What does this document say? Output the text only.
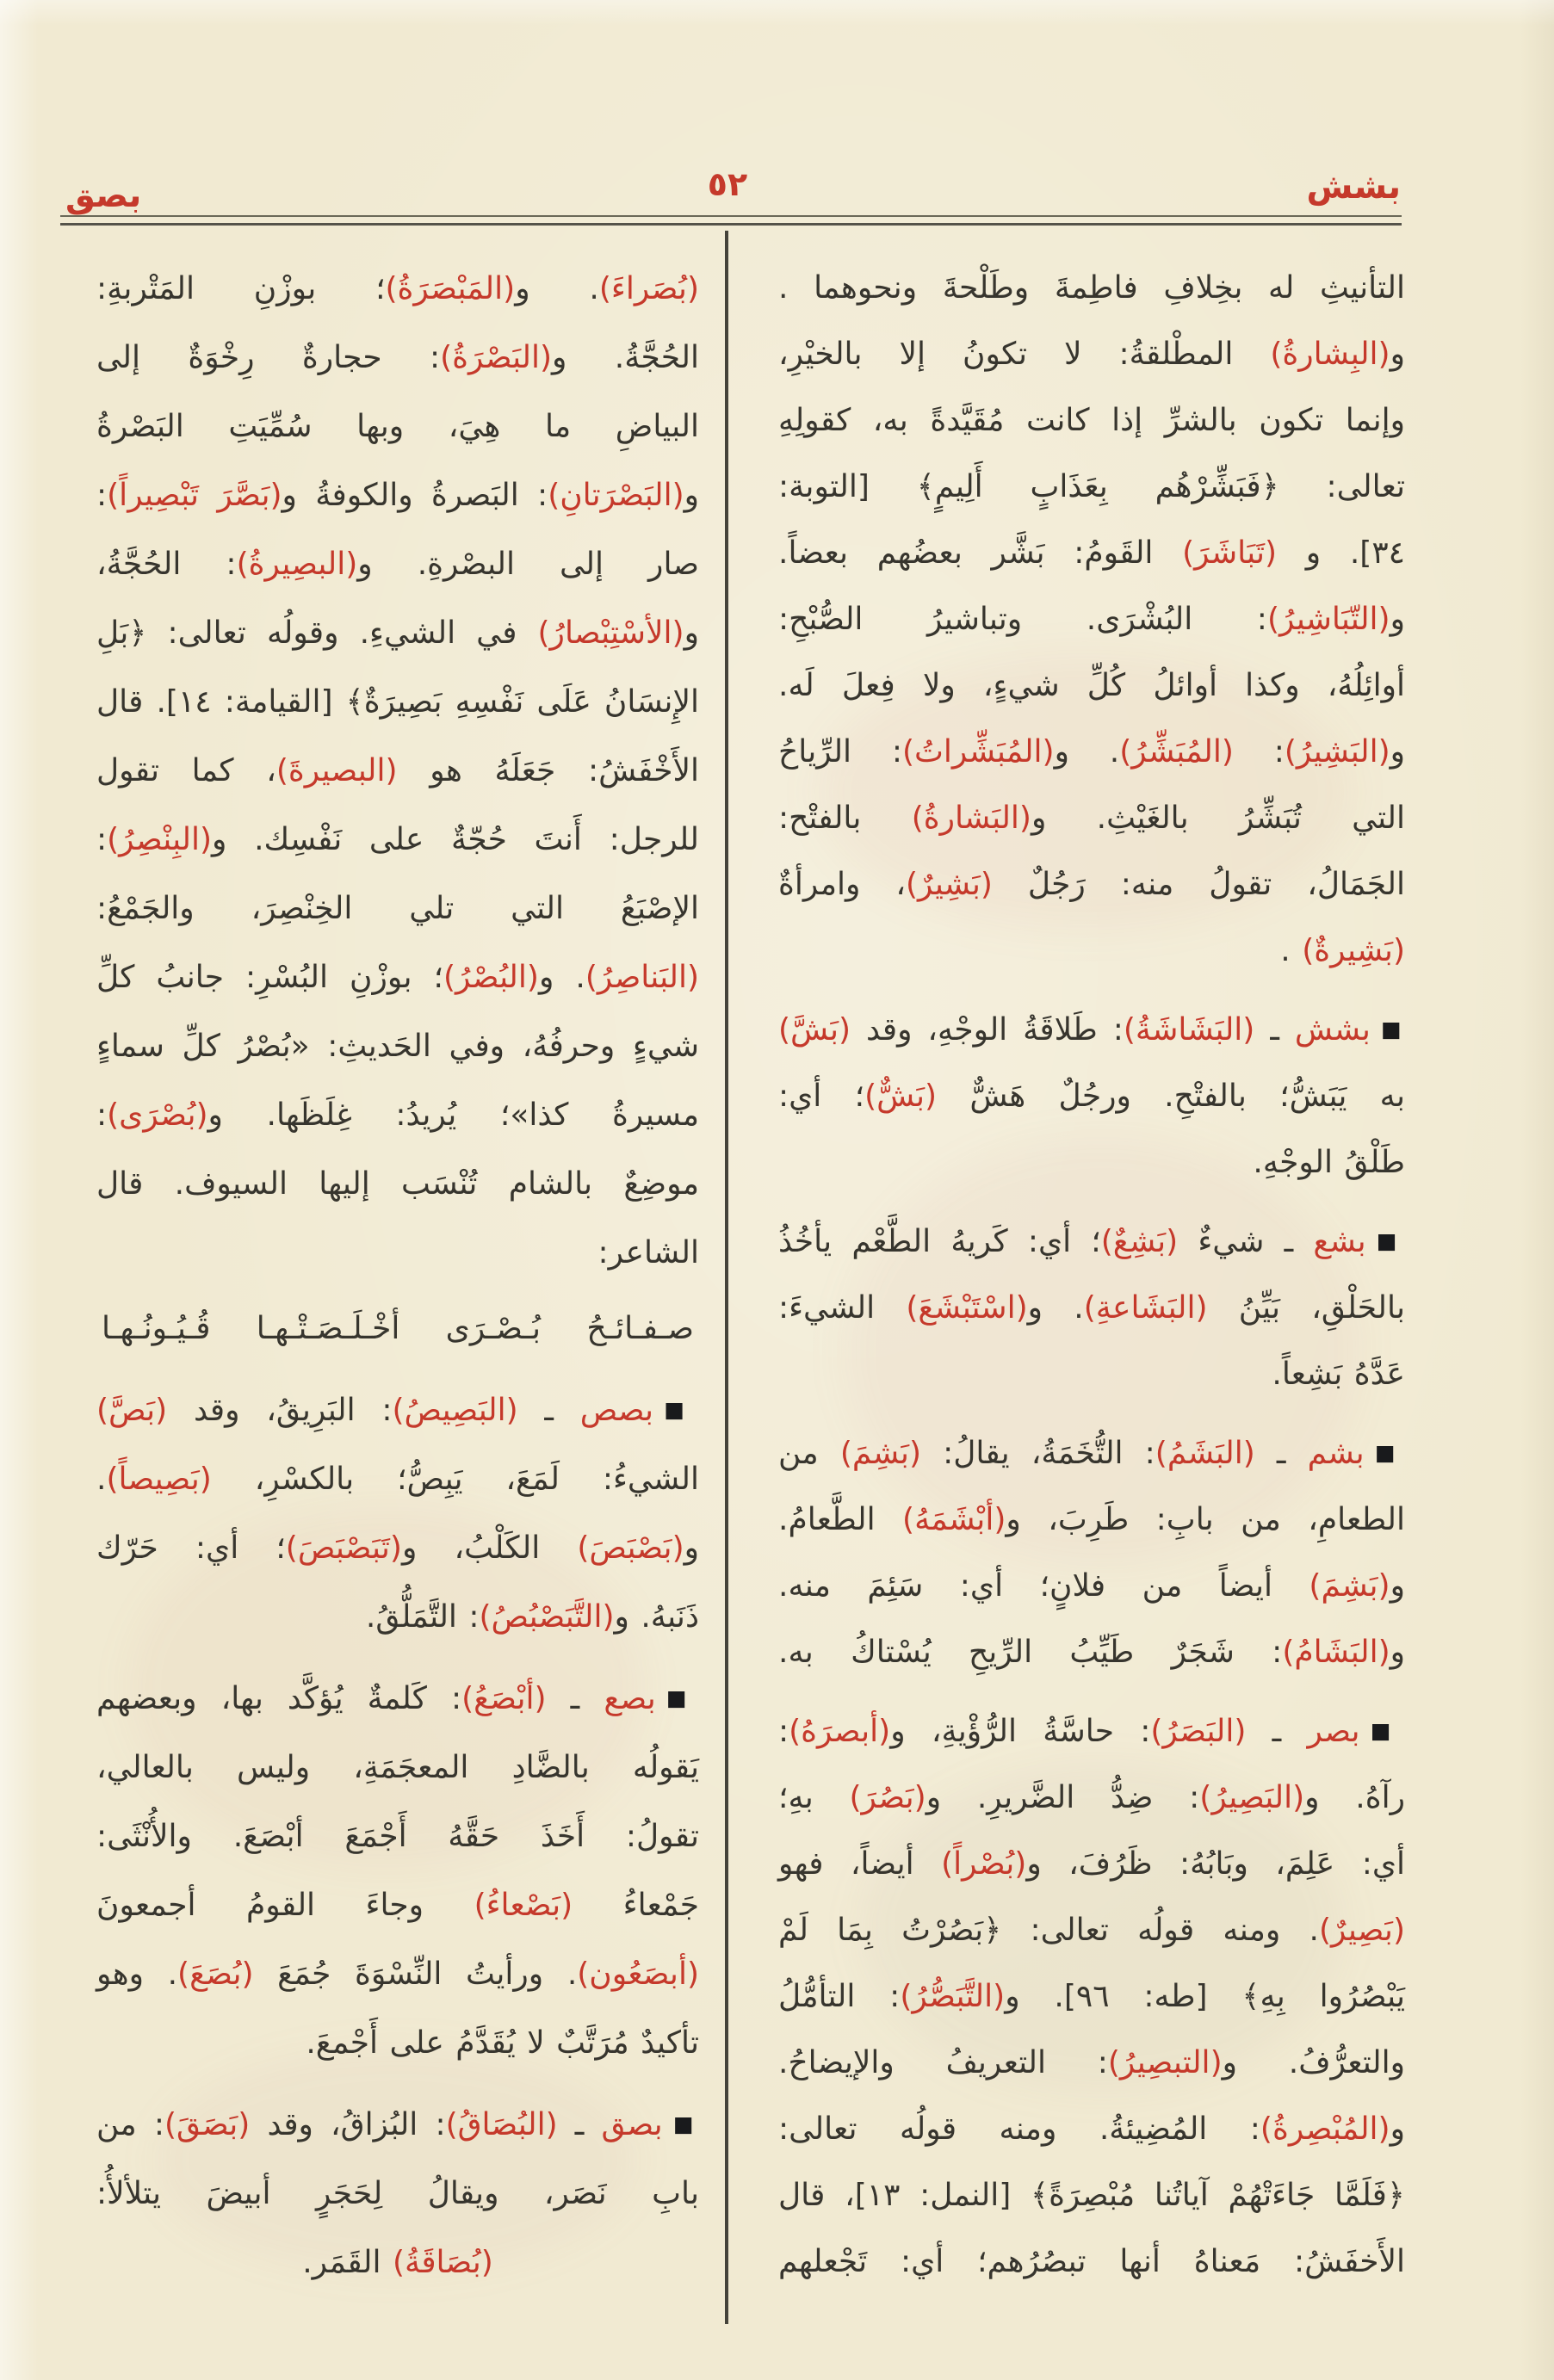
بشش
٥٢
بصق
التأنيثِ له بخِلافِ فاطِمةَ وطَلْحةَ ونحوهما .
و(البِشارةُ) المطْلقةُ: لا تكونُ إلا بالخيْرِ،
وإنما تكون بالشرِّ إذا كانت مُقَيَّدةً به، كقولِهِ
تعالى: ﴿فَبَشِّرْهُم بِعَذَابٍ أَلِيمٍ﴾ [التوبة:
٣٤]. و (تَبَاشَرَ) القَومُ: بَشَّر بعضُهم بعضاً.
و(التّبَاشِيرُ): البُشْرَى. وتباشيرُ الصُّبْحِ:
أوائِلُهُ، وكذا أوائلُ كُلِّ شيءٍ، ولا فِعلَ لَه.
و(البَشِيرُ): (المُبَشِّرُ). و(المُبَشِّراتُ): الرِّياحُ
التي تُبَشِّرُ بالغَيْثِ. و(البَشارةُ) بالفتْح:
الجَمَالُ، تقولُ منه: رَجُلٌ (بَشِيرٌ)، وامرأةٌ
(بَشِيرةٌ) .
■بشش ـ (البَشَاشَةُ): طَلاقَةُ الوجْهِ، وقد (بَشَّ)
به يَبَشُّ؛ بالفتْحِ. ورجُلٌ هَشٌّ (بَشٌّ)؛ أي:
طَلْقُ الوجْهِ.
■بشع ـ شيءٌ (بَشِعٌ)؛ أي: كَريهُ الطَّعْم يأخُذُ
بالحَلْقِ، بَيِّنُ (البَشَاعةِ). و(اسْتَبْشَعَ) الشيءَ:
عَدَّهُ بَشِعاً.
■بشم ـ (البَشَمُ): التُّخَمَةُ، يقالُ: (بَشِمَ) من
الطعامِ، من بابِ: طَرِبَ، و(أبْشَمَهُ) الطَّعامُ.
و(بَشِمَ) أيضاً من فلانٍ؛ أي: سَئِمَ منه.
و(البَشَامُ): شَجَرٌ طَيِّبُ الرِّيحِ يُسْتاكُ به.
■بصر ـ (البَصَرُ): حاسَّةُ الرُّؤْيةِ، و(أبصرَهُ):
رآهُ. و(البَصِيرُ): ضِدُّ الضَّريرِ. و(بَصُرَ) بهِ؛
أي: عَلِمَ، وبَابُهُ: ظَرُفَ، و(بُصْراً) أيضاً، فهو
(بَصِيرٌ). ومنه قولُه تعالى: ﴿بَصُرْتُ بِمَا لَمْ
يَبْصُرُوا بِهِ﴾ [طه: ٩٦]. و(التَّبَصُّرُ): التأمُّلُ
والتعرُّفُ. و(التبصِيرُ): التعريفُ والإيضاحُ.
و(المُبْصِرةُ): المُضِيئةُ. ومنه قولُه تعالى:
﴿فَلَمَّا جَاءَتْهُمْ آياتُنا مُبْصِرَةً﴾ [النمل: ١٣]، قال
الأَخفَشُ: مَعناهُ أنها تبصُرُهم؛ أي: تَجْعلهم
(بُصَراءَ). و(المَبْصَرَةُ)؛ بوزْنِ المَتْربةِ:
الحُجَّةُ. و(البَصْرَةُ): حجارةٌ رِخْوَةٌ إلى
البياضِ ما هِيَ، وبها سُمِّيَتِ البَصْرةُ
و(البَصْرَتانِ): البَصرةُ والكوفةُ و(بَصَّرَ تَبْصِيراً):
صار إلى البصْرةِ. و(البصِيرةُ): الحُجَّةُ،
و(الأسْتِبْصارُ) في الشيءِ. وقولُه تعالى: ﴿بَلِ
الإِنسَانُ عَلَى نَفْسِهِ بَصِيرَةٌ﴾ [القيامة: ١٤]. قال
الأَخْفَشُ: جَعَلَهُ هو (البصيرةَ)، كما تقول
للرجل: أَنتَ حُجّةٌ على نَفْسِك. و(البِنْصِرُ):
الإصْبَعُ التي تلي الخِنْصِرَ، والجَمْعُ:
(البَناصِرُ). و(البُصْرُ)؛ بوزْنِ البُسْرِ: جانبُ كلِّ
شيءٍ وحرفُهُ، وفي الحَديثِ: «بُصْرُ كلِّ سماءٍ
مسيرةُ كذا»؛ يُريدُ: غِلَظَها. و(بُصْرَى):
موضِعٌ بالشام تُنْسَب إليها السيوف. قال
الشاعر:
صـفـائـحُ بُـصْـرَى أخْـلَـصَـتْـهـا قُـيُـونُـهـا
■بصص ـ (البَصِيصُ): البَرِيقُ، وقد (بَصَّ)
الشيءُ: لَمَعَ، يَبِصُّ؛ بالكسْرِ، (بَصِيصاً).
و(بَصْبَصَ) الكَلْبُ، و(تَبَصْبَصَ)؛ أي: حَرّك
ذَنَبهُ. و(التَّبَصْبُصُ): التَّمَلُّقُ.
■بصع ـ (أبْصَعُ): كَلمةٌ يُؤكَّد بها، وبعضهم
يَقولُه بالضَّادِ المعجَمَةِ، وليس بالعالي،
تقولُ: أَخَذَ حَقَّهُ أَجْمَعَ أبْصَعَ. والأُنْثَى:
جَمْعاءُ (بَصْعاءُ) وجاءَ القومُ أجمعونَ
(أبصَعُون). ورأيتُ النِّسْوَةَ جُمَعَ (بُصَعَ). وهو
تأكيدٌ مُرَتَّبٌ لا يُقَدَّمُ على أَجْمعَ.
■بصق ـ (البُصَاقُ): البُزاقُ، وقد (بَصَقَ): من
بابِ نَصَر، ويقالُ لِحَجَرٍ أبيضَ يتلألأُ:
(بُصَاقَةُ) القَمَر.
